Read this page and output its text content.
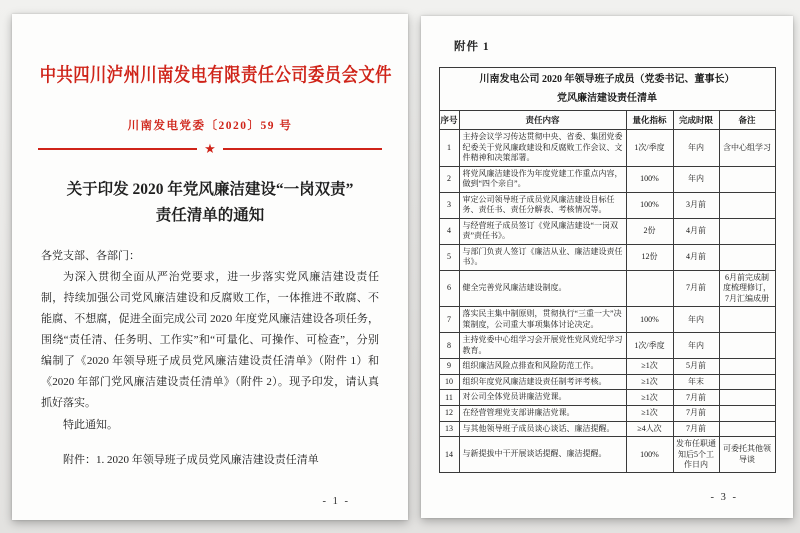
中共四川泸州川南发电有限责任公司委员会文件
川南发电党委〔2020〕59 号
★
关于印发 2020 年党风廉洁建设“一岗双责”
责任清单的通知

各党支部、各部门：

为深入贯彻全面从严治党要求，进一步落实党风廉洁建设责任制，持续加强公司党风廉洁建设和反腐败工作，一体推进不敢腐、不能腐、不想腐，促进全面完成公司 2020 年度党风廉洁建设各项任务，围绕“责任清、任务明、工作实”和“可量化、可操作、可检查”，分别编制了《2020 年领导班子成员党风廉洁建设责任清单》（附件 1）和《2020 年部门党风廉洁建设责任清单》（附件 2）。现予印发，请认真抓好落实。

特此通知。

附件：1. 2020 年领导班子成员党风廉洁建设责任清单

- 1 -
附件 1
川南发电公司 2020 年领导班子成员（党委书记、董事长）
党风廉洁建设责任清单				

序号	责任内容	量化指标	完成时限	备注
1	主持会议学习传达贯彻中央、省委、集团党委纪委关于党风廉政建设和反腐败工作会议、文件精神和决策部署。	1次/季度	年内	含中心组学习
2	将党风廉洁建设作为年度党建工作重点内容，做到“四个亲自”。	100%	年内	
3	审定公司领导班子成员党风廉洁建设目标任务、责任书、责任分解表、考核情况等。	100%	3月前	
4	与经营班子成员签订《党风廉洁建设“一岗双责”责任书》。	2份	4月前	
5	与部门负责人签订《廉洁从业、廉洁建设责任书》。	12份	4月前	
6	健全完善党风廉洁建设制度。		7月前	6月前完成制度梳理修订，7月汇编成册
7	落实民主集中制原则，贯彻执行“三重一大”决策制度，公司重大事项集体讨论决定。	100%	年内	
8	主持党委中心组学习会开展党性党风党纪学习教育。	1次/季度	年内	
9	组织廉洁风险点排查和风险防范工作。	≥1次	5月前	
10	组织年度党风廉洁建设责任制考评考核。	≥1次	年末	
11	对公司全体党员讲廉洁党课。	≥1次	7月前	
12	在经营管理党支部讲廉洁党课。	≥1次	7月前	
13	与其他领导班子成员谈心谈话、廉洁提醒。	≥4人次	7月前	
14	与新提拔中干开展谈话提醒、廉洁提醒。	100%	发布任职通知后5个工作日内	可委托其他领导谈
- 3 -
